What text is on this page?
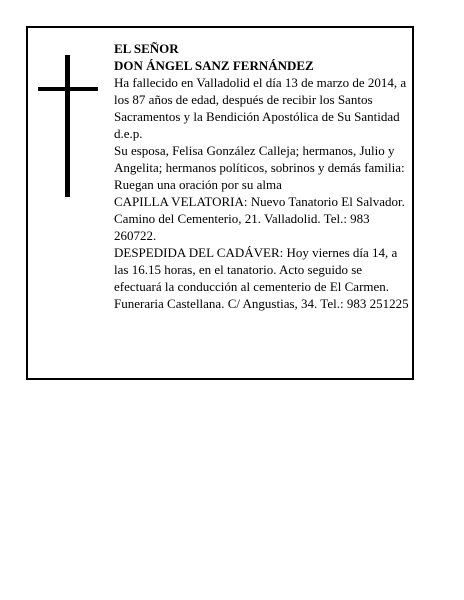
EL SEÑOR

DON ÁNGEL SANZ FERNÁNDEZ

Ha fallecido en Valladolid el día 13 de marzo de 2014, a los 87 años de edad, después de recibir los Santos Sacramentos y la Bendición Apostólica de Su Santidad d.e.p.

Su esposa, Felisa González Calleja; hermanos, Julio y Angelita; hermanos políticos, sobrinos y demás familia:

Ruegan una oración por su alma

CAPILLA VELATORIA: Nuevo Tanatorio El Salvador. Camino del Cementerio, 21. Valladolid. Tel.: 983 260722.

DESPEDIDA DEL CADÁVER: Hoy viernes día 14, a las 16.15 horas, en el tanatorio. Acto seguido se efectuará la conducción al cementerio de El Carmen.

Funeraria Castellana. C/ Angustias, 34. Tel.: 983 251225
